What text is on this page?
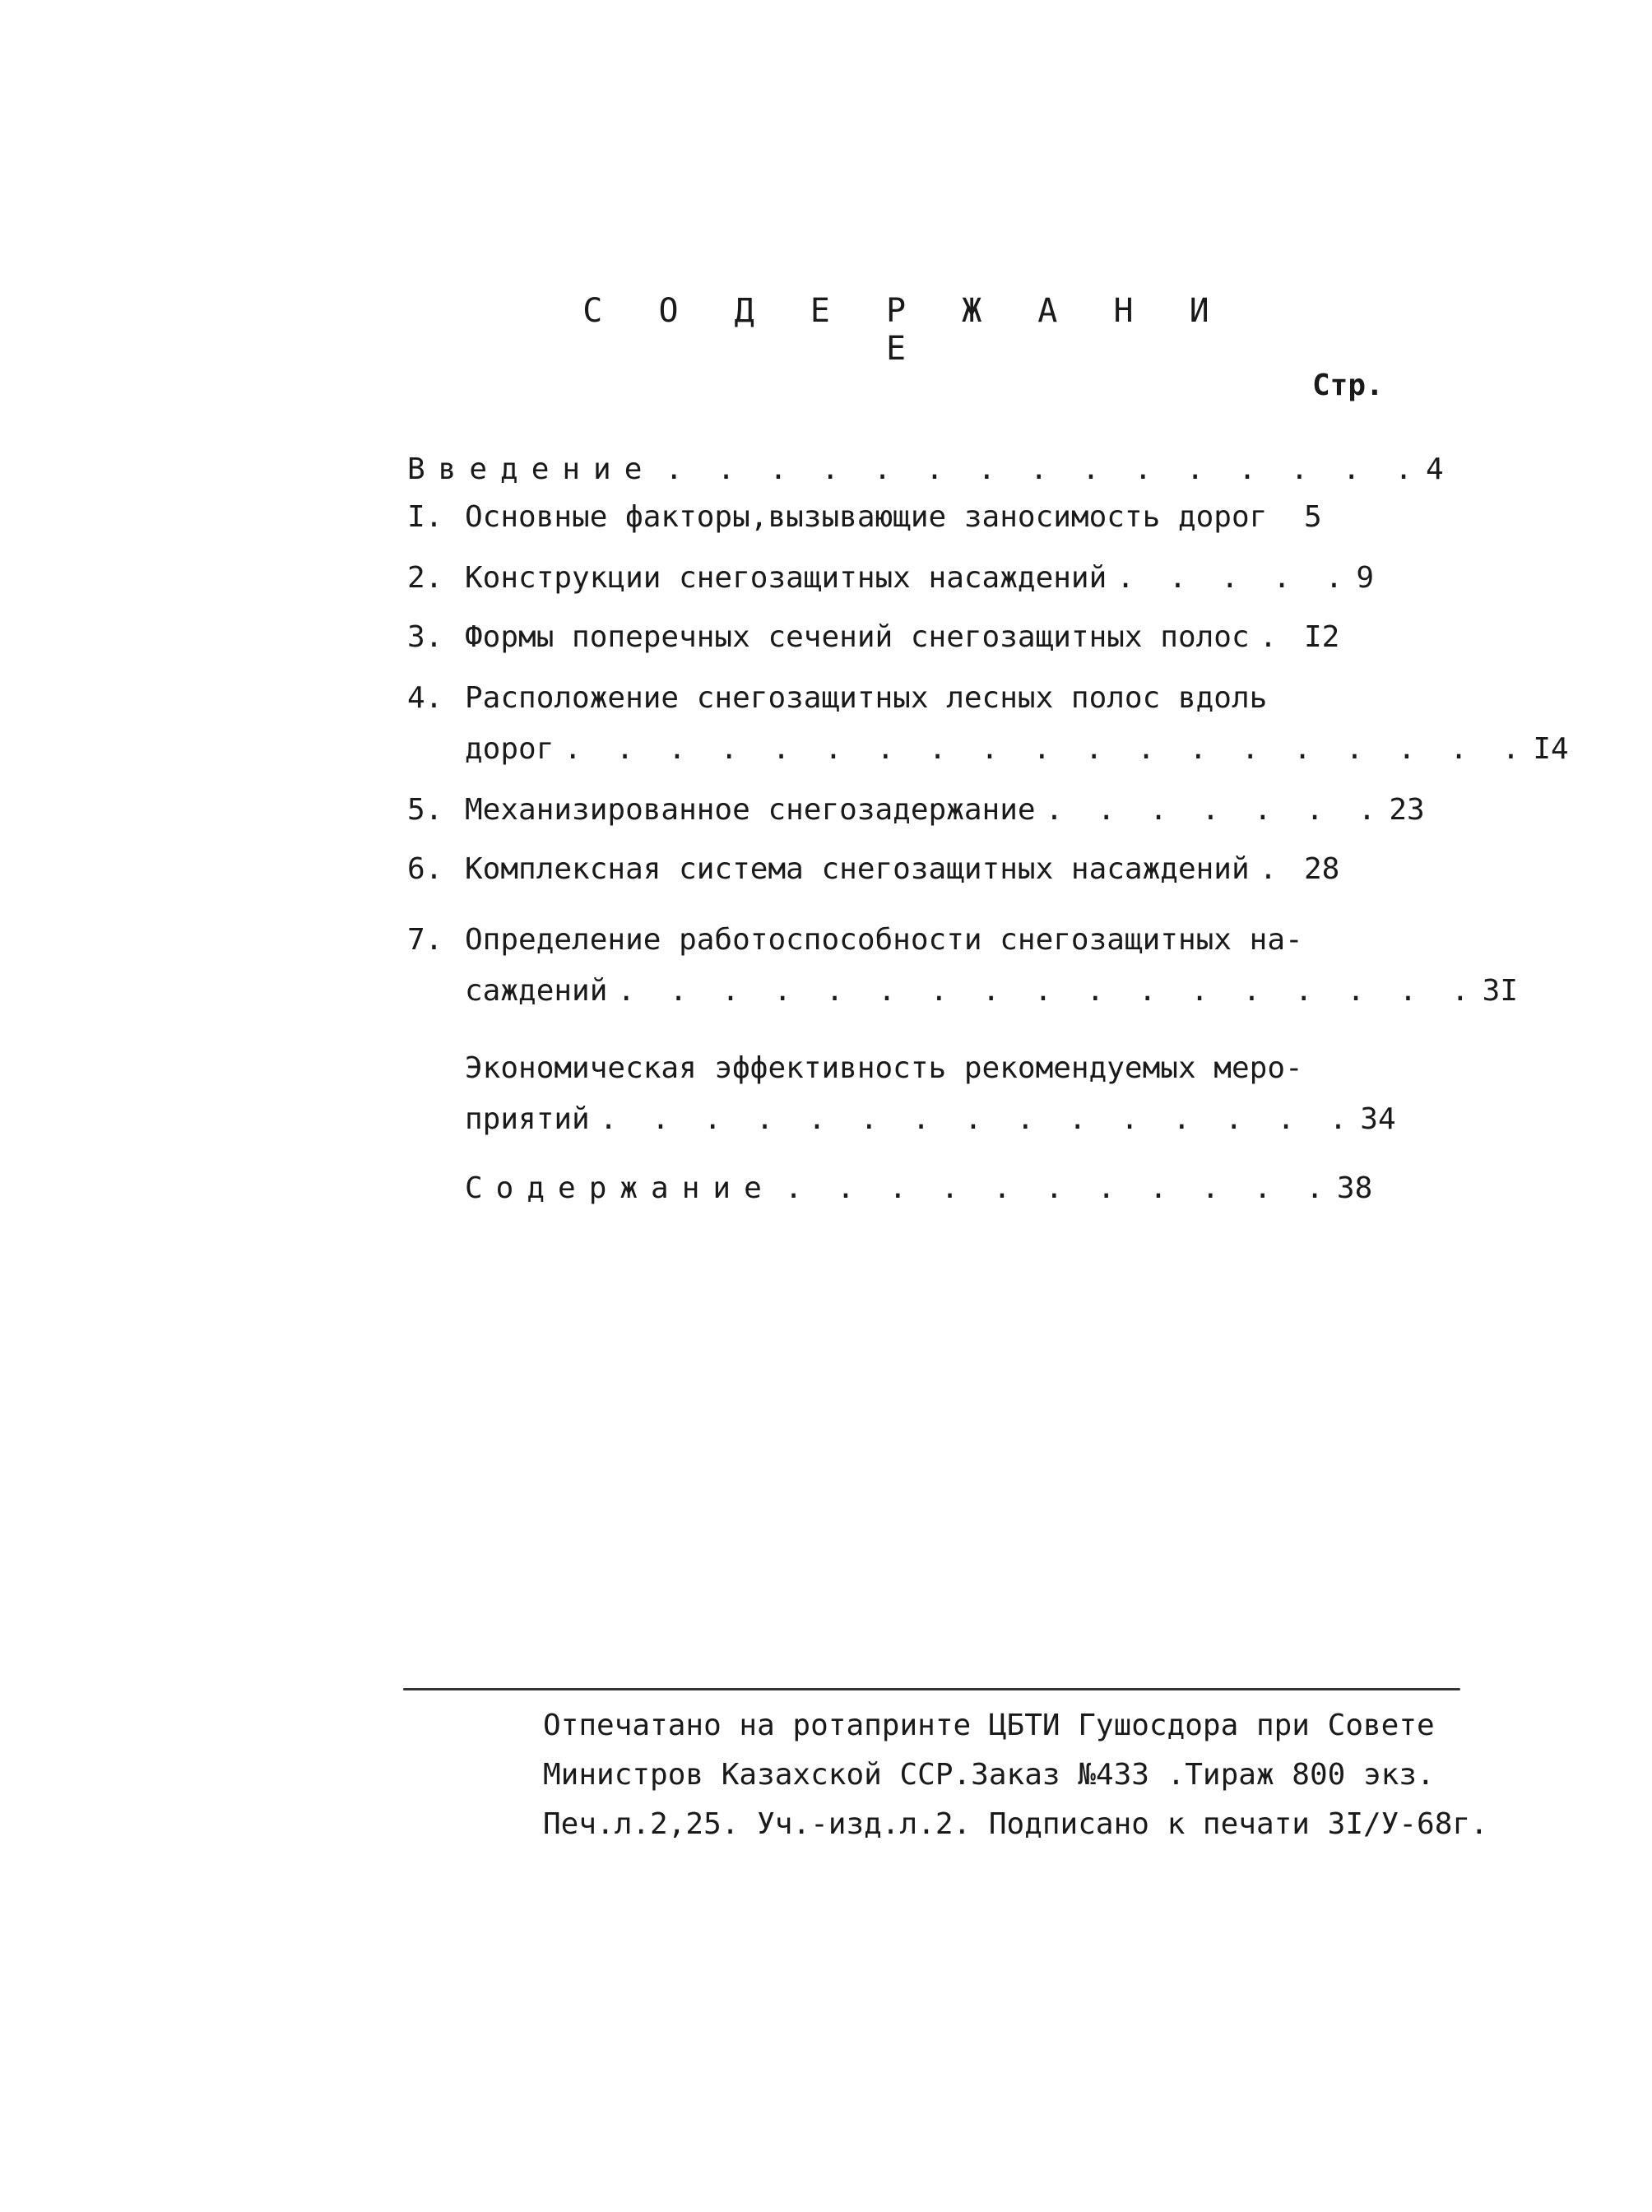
С О Д Е Р Ж А Н И Е
Стр.
Введение . . . . . . . . . . . . . . . 4
I. Основные факторы,вызывающие заносимость дорог 5
2. Конструкции снегозащитных насаждений . . . . . 9
3. Формы поперечных сечений снегозащитных полос . I2
4. Расположение снегозащитных лесных полос вдоль
дорог . . . . . . . . . . . . . . . . . . . I4
5. Механизированное снегозадержание . . . . . . . 23
6. Комплексная система снегозащитных насаждений . 28
7. Определение работоспособности снегозащитных на-
саждений . . . . . . . . . . . . . . . . . 3I
Экономическая эффективность рекомендуемых меро-
приятий . . . . . . . . . . . . . . . 34
Содержание . . . . . . . . . . . 38
Отпечатано на ротапринте ЦБТИ Гушосдора при Совете
Министров Казахской ССР.Заказ №433 .Тираж 800 экз.
Печ.л.2,25. Уч.-изд.л.2. Подписано к печати 3I/У-68г.
